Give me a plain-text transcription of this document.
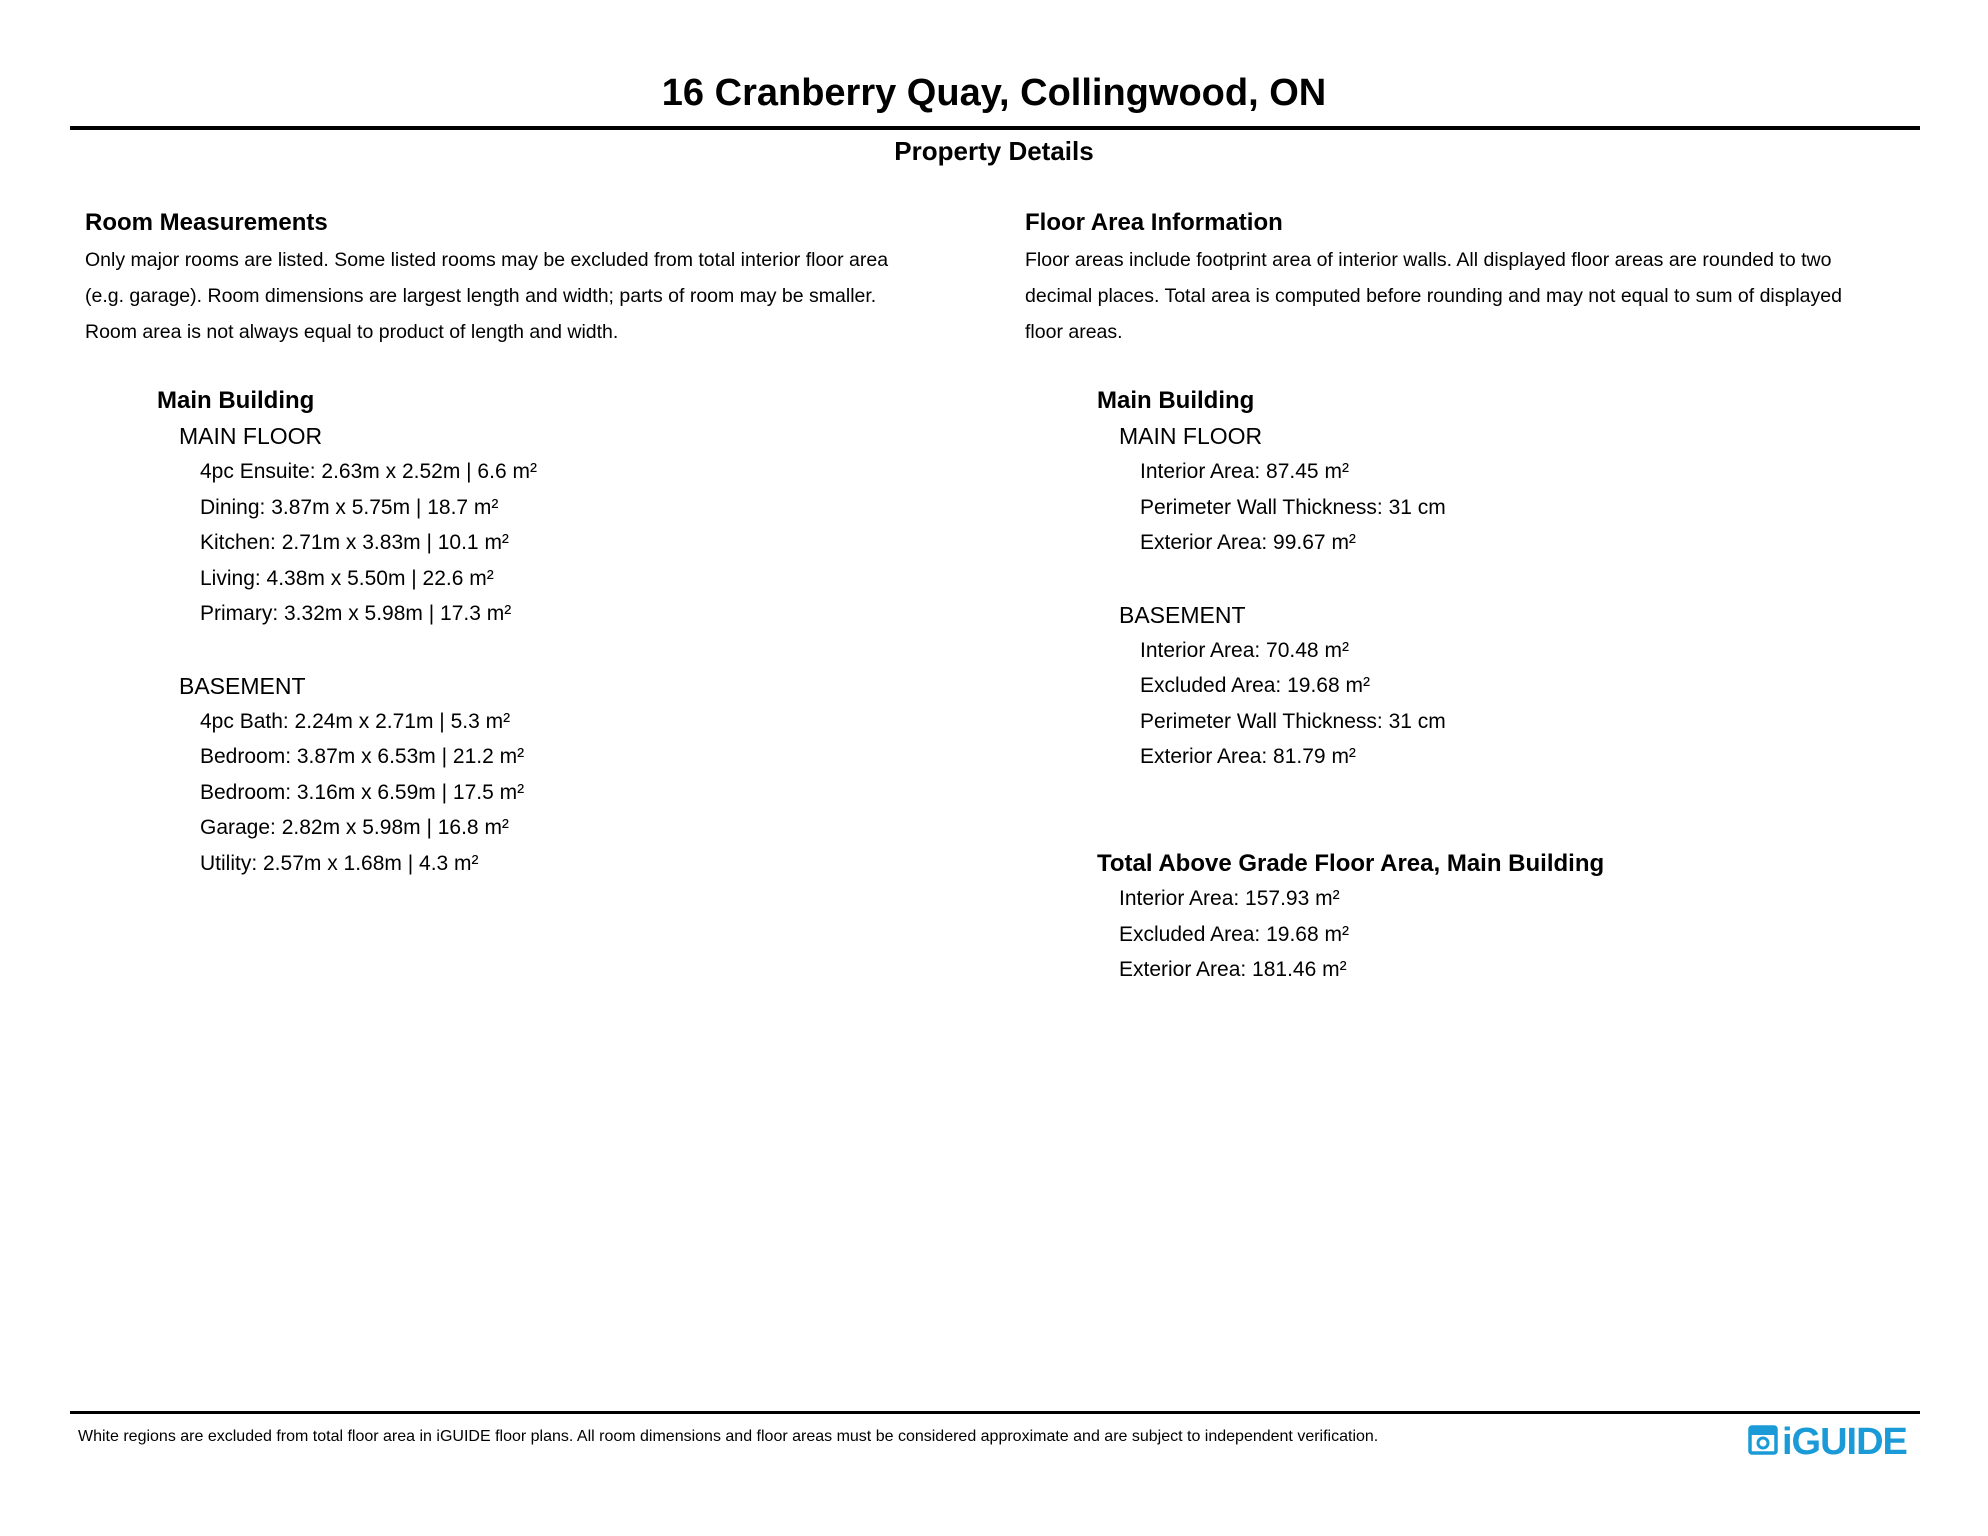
16 Cranberry Quay, Collingwood, ON
Property Details
Room Measurements
Only major rooms are listed. Some listed rooms may be excluded from total interior floor area
(e.g. garage). Room dimensions are largest length and width; parts of room may be smaller.
Room area is not always equal to product of length and width.
Main Building
MAIN FLOOR
4pc Ensuite: 2.63m x 2.52m | 6.6 m²
Dining: 3.87m x 5.75m | 18.7 m²
Kitchen: 2.71m x 3.83m | 10.1 m²
Living: 4.38m x 5.50m | 22.6 m²
Primary: 3.32m x 5.98m | 17.3 m²
BASEMENT
4pc Bath: 2.24m x 2.71m | 5.3 m²
Bedroom: 3.87m x 6.53m | 21.2 m²
Bedroom: 3.16m x 6.59m | 17.5 m²
Garage: 2.82m x 5.98m | 16.8 m²
Utility: 2.57m x 1.68m | 4.3 m²
Floor Area Information
Floor areas include footprint area of interior walls. All displayed floor areas are rounded to two
decimal places. Total area is computed before rounding and may not equal to sum of displayed
floor areas.
Main Building
MAIN FLOOR
Interior Area: 87.45 m²
Perimeter Wall Thickness: 31 cm
Exterior Area: 99.67 m²
BASEMENT
Interior Area: 70.48 m²
Excluded Area: 19.68 m²
Perimeter Wall Thickness: 31 cm
Exterior Area: 81.79 m²
Total Above Grade Floor Area, Main Building
Interior Area: 157.93 m²
Excluded Area: 19.68 m²
Exterior Area: 181.46 m²
White regions are excluded from total floor area in iGUIDE floor plans. All room dimensions and floor areas must be considered approximate and are subject to independent verification.	iGUIDE
